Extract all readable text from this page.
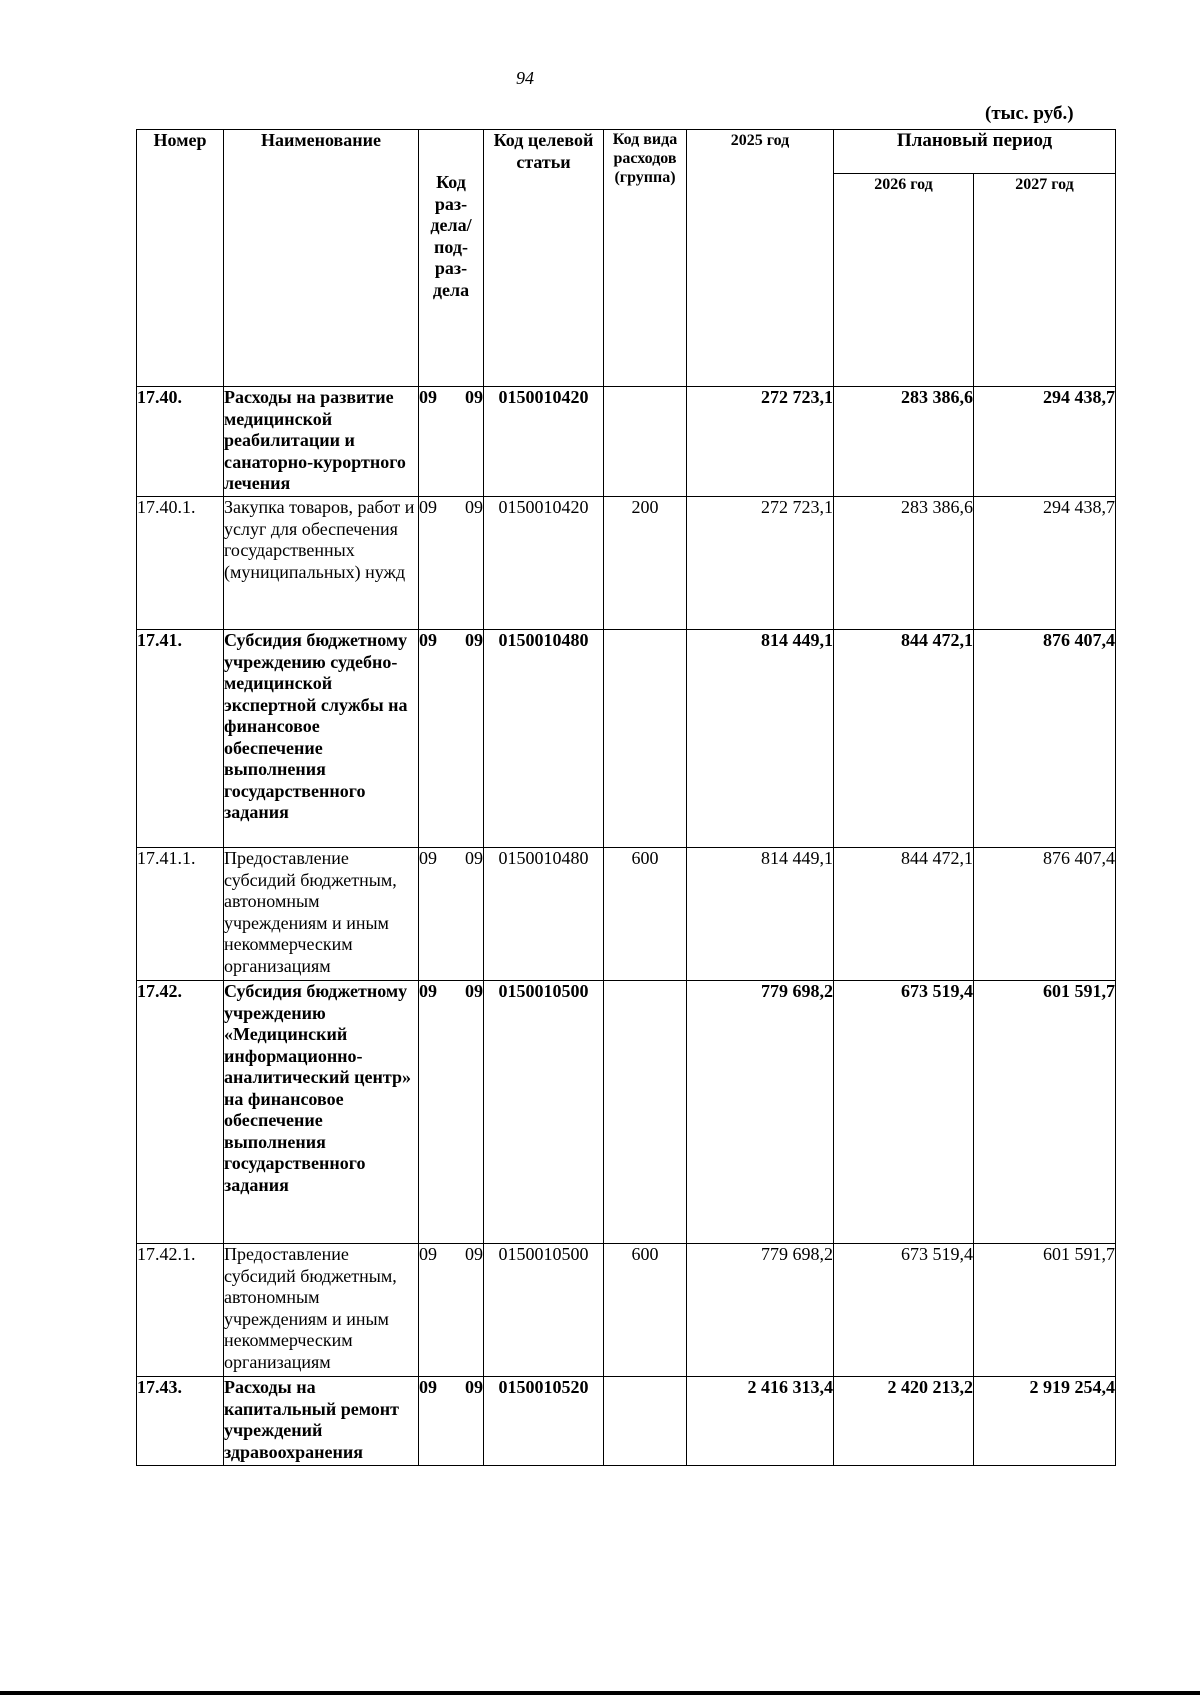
94
(тыс. руб.)
Номер	Наименование	Код раз- дела/ под- раз- дела	Код целевой статьи	Код вида расходов (группа)	2025 год	Плановый период	
						2026 год	2027 год
17.40.	Расходы на развитие медицинской реабилитации и санаторно-курортного лечения	09 09	0150010420		272 723,1	283 386,6	294 438,7
17.40.1.	Закупка товаров, работ и услуг для обеспечения государственных (муниципальных) нужд	09 09	0150010420	200	272 723,1	283 386,6	294 438,7
17.41.	Субсидия бюджетному учреждению судебно-медицинской экспертной службы на финансовое обеспечение выполнения государственного задания	09 09	0150010480		814 449,1	844 472,1	876 407,4
17.41.1.	Предоставление субсидий бюджетным, автономным учреждениям и иным некоммерческим организациям	09 09	0150010480	600	814 449,1	844 472,1	876 407,4
17.42.	Субсидия бюджетному учреждению «Медицинский информационно-аналитический центр» на финансовое обеспечение выполнения государственного задания	09 09	0150010500		779 698,2	673 519,4	601 591,7
17.42.1.	Предоставление субсидий бюджетным, автономным учреждениям и иным некоммерческим организациям	09 09	0150010500	600	779 698,2	673 519,4	601 591,7
17.43.	Расходы на капитальный ремонт учреждений здравоохранения	09 09	0150010520		2 416 313,4	2 420 213,2	2 919 254,4
